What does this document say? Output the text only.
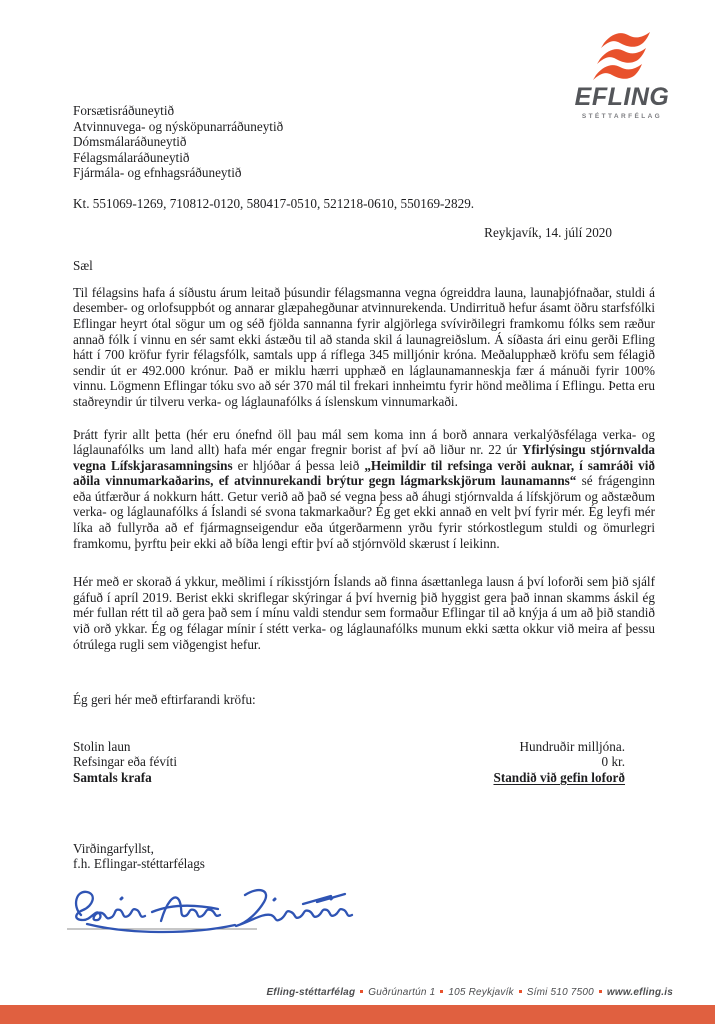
EFLING
STÉTTARFÉLAG
Forsætisráðuneytið
Atvinnuvega- og nýsköpunarráðuneytið
Dómsmálaráðuneytið
Félagsmálaráðuneytið
Fjármála- og efnhagsráðuneytið
Kt. 551069-1269, 710812-0120, 580417-0510, 521218-0610, 550169-2829.
Reykjavík, 14. júlí 2020
Sæl

Til félagsins hafa á síðustu árum leitað þúsundir félagsmanna vegna ógreiddra launa, launaþjófnaðar, stuldi á desember- og orlofsuppbót og annarar glæpahegðunar atvinnurekenda. Undirrituð hefur ásamt öðru starfsfólki Eflingar heyrt ótal sögur um og séð fjölda sannanna fyrir algjörlega svívirðilegri framkomu fólks sem ræður annað fólk í vinnu en sér samt ekki ástæðu til að standa skil á launagreiðslum. Á síðasta ári einu gerði Efling hátt í 700 kröfur fyrir félagsfólk, samtals upp á ríflega 345 milljónir króna. Meðalupphæð kröfu sem félagið sendir út er 492.000 krónur. Það er miklu hærri upphæð en láglaunamanneskja fær á mánuði fyrir 100% vinnu. Lögmenn Eflingar tóku svo að sér 370 mál til frekari innheimtu fyrir hönd meðlima í Eflingu. Þetta eru staðreyndir úr tilveru verka- og láglaunafólks á íslenskum vinnumarkaði.

Þrátt fyrir allt þetta (hér eru ónefnd öll þau mál sem koma inn á borð annara verkalýðsfélaga verka- og láglaunafólks um land allt) hafa mér engar fregnir borist af því að liður nr. 22 úr Yfirlýsingu stjórnvalda vegna Lífskjarasamningsins er hljóðar á þessa leið „Heimildir til refsinga verði auknar, í samráði við aðila vinnumarkaðarins, ef atvinnurekandi brýtur gegn lágmarkskjörum launamanns“ sé frágenginn eða útfærður á nokkurn hátt. Getur verið að það sé vegna þess að áhugi stjórnvalda á lífskjörum og aðstæðum verka- og láglaunafólks á Íslandi sé svona takmarkaður? Ég get ekki annað en velt því fyrir mér. Ég leyfi mér líka að fullyrða að ef fjármagnseigendur eða útgerðarmenn yrðu fyrir stórkostlegum stuldi og ömurlegri framkomu, þyrftu þeir ekki að bíða lengi eftir því að stjórnvöld skærust í leikinn.

Hér með er skorað á ykkur, meðlimi í ríkisstjórn Íslands að finna ásættanlega lausn á því loforði sem þið sjálf gáfuð í apríl 2019. Berist ekki skriflegar skýringar á því hvernig þið hyggist gera það innan skamms áskil ég mér fullan rétt til að gera það sem í mínu valdi stendur sem formaður Eflingar til að knýja á um að þið standið við orð ykkar. Ég og félagar mínir í stétt verka- og láglaunafólks munum ekki sætta okkur við meira af þessu ótrúlega rugli sem viðgengist hefur.

Ég geri hér með eftirfarandi kröfu:
Stolin laun	Hundruðir milljóna.
Refsingar eða févíti	0 kr.
Samtals krafa	Standið við gefin loforð
Virðingarfyllst,
f.h. Eflingar-stéttarfélags
Efling-stéttarfélag Guðrúnartún 1 105 Reykjavík Sími 510 7500 www.efling.is
